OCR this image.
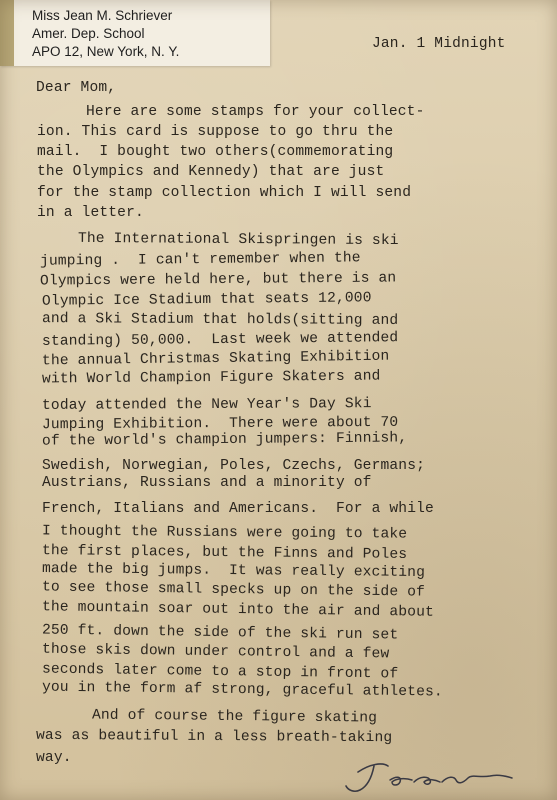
Miss Jean M. Schriever
Amer. Dep. School
APO 12, New York, N. Y.	Jan. 1 Midnight
Dear Mom,
Here are some stamps for your collect-
ion. This card is suppose to go thru the
mail.  I bought two others(commemorating
the Olympics and Kennedy) that are just
for the stamp collection which I will send
in a letter.
The International Skispringen is ski
jumping .  I can't remember when the
Olympics were held here, but there is an
Olympic Ice Stadium that seats 12,000
and a Ski Stadium that holds(sitting and
standing) 50,000.  Last week we attended
the annual Christmas Skating Exhibition
with World Champion Figure Skaters and
today attended the New Year's Day Ski
Jumping Exhibition.  There were about 70
of the world's champion jumpers: Finnish,
Swedish, Norwegian, Poles, Czechs, Germans;
Austrians, Russians and a minority of
French, Italians and Americans.  For a while
I thought the Russians were going to take
the first places, but the Finns and Poles
made the big jumps.  It was really exciting
to see those small specks up on the side of
the mountain soar out into the air and about
250 ft. down the side of the ski run set
those skis down under control and a few
seconds later come to a stop in front of
you in the form af strong, graceful athletes.
And of course the figure skating
was as beautiful in a less breath-taking
way.
